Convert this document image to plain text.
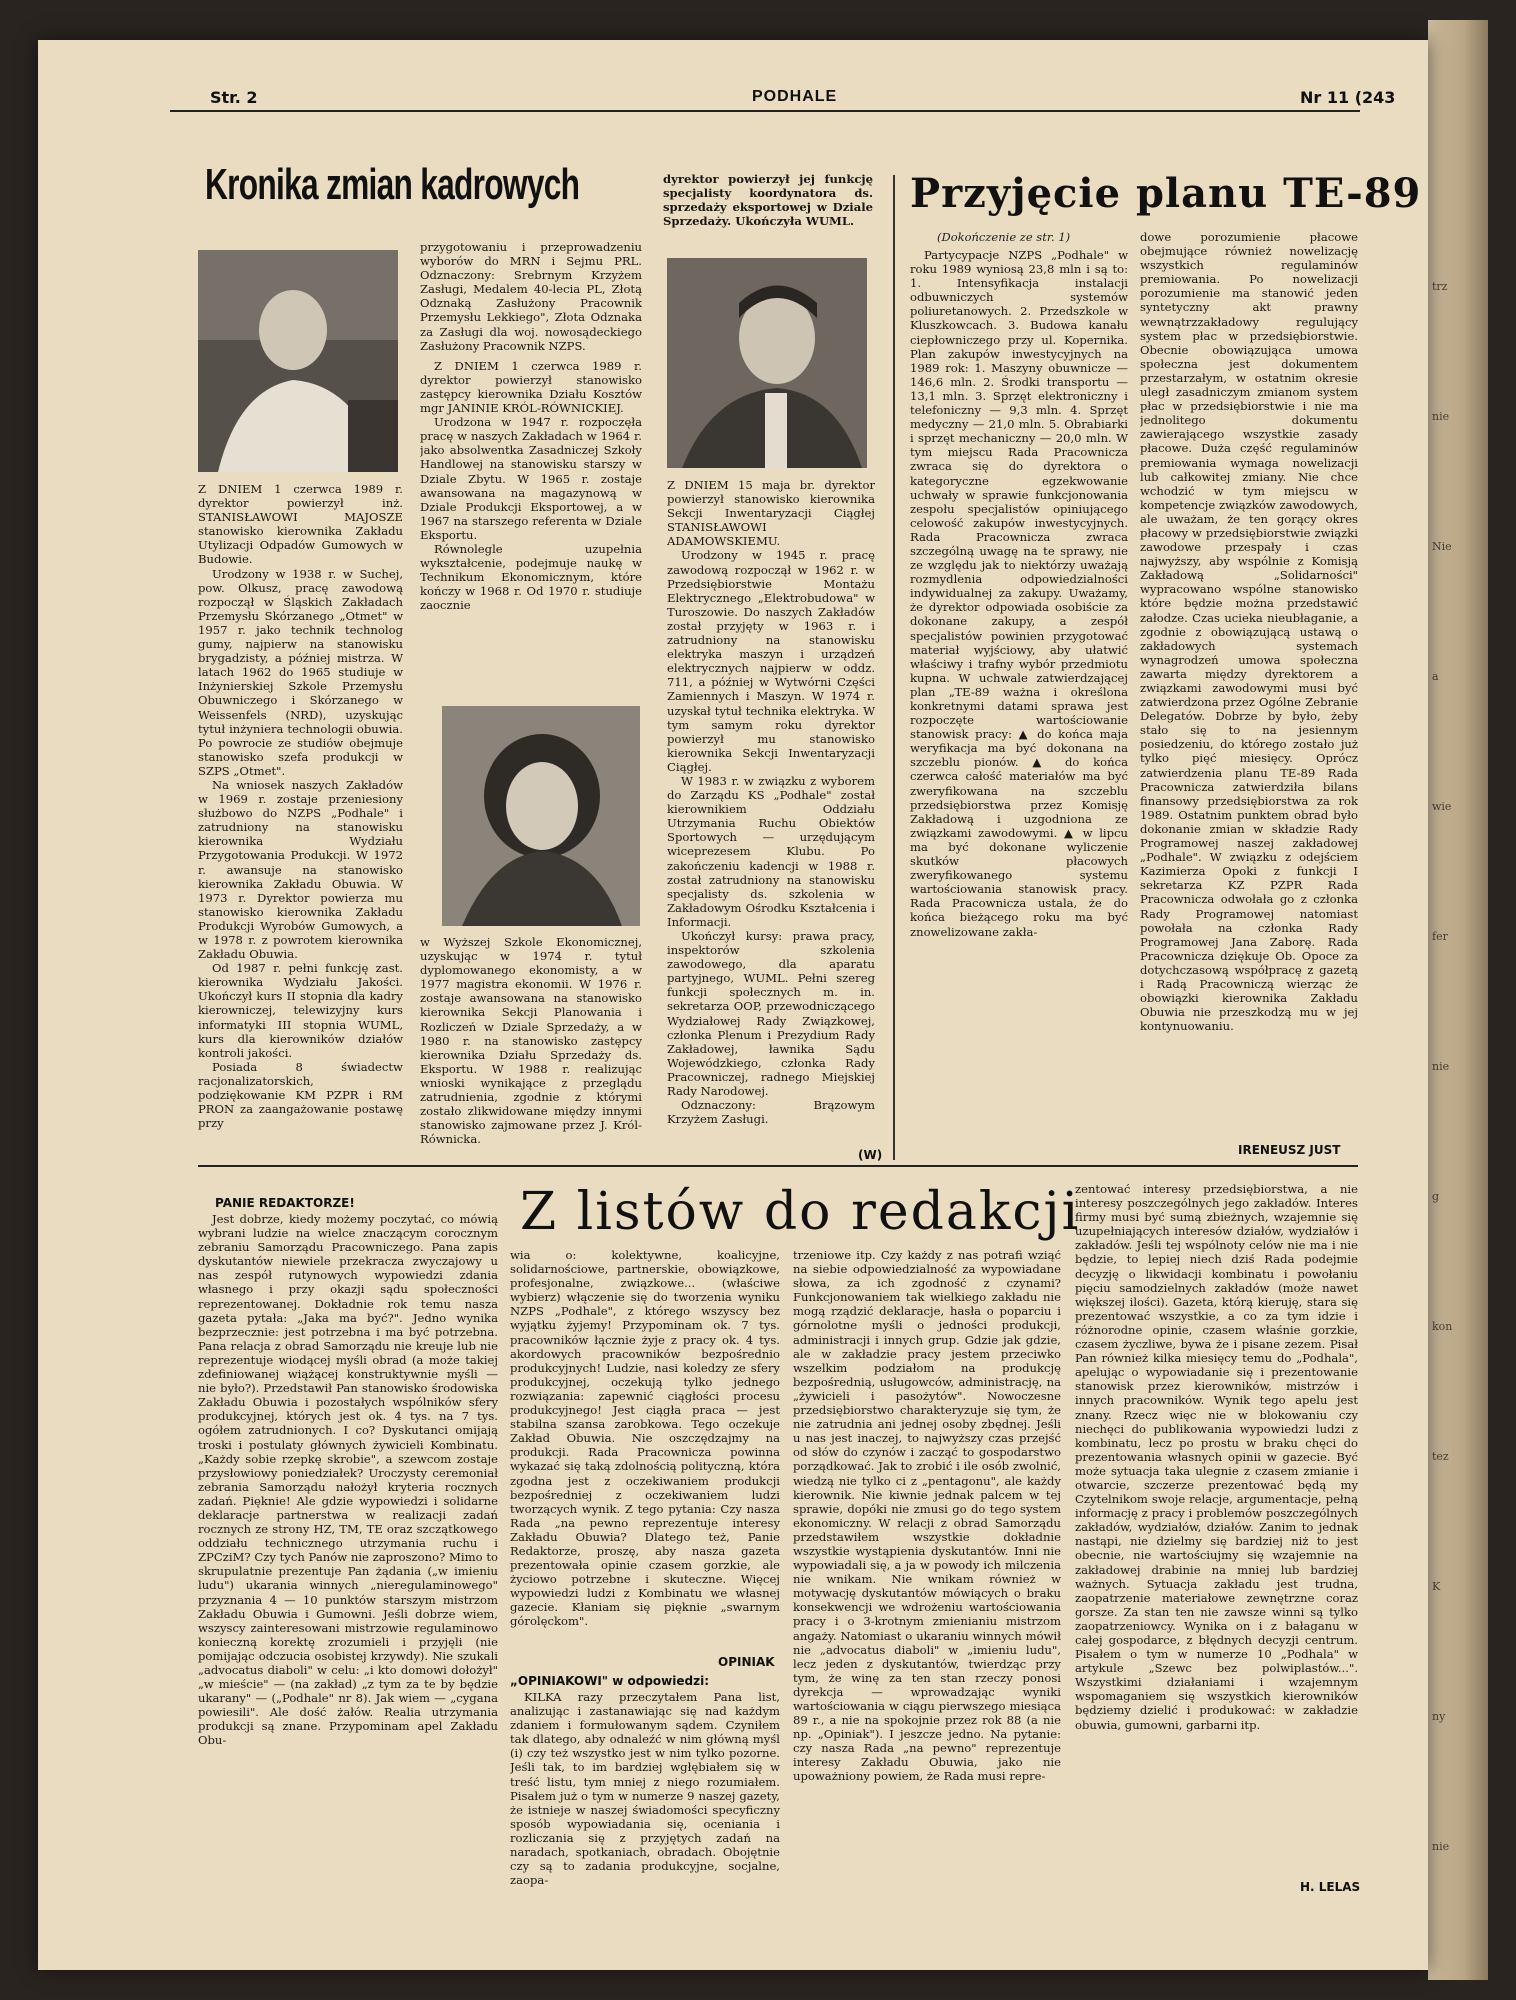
trz
nie
Nie
a
wie
fer
nie
g
kon
tez
K
ny
nie
Str. 2	PODHALE	Nr 11 (243
Kronika zmian kadrowych

Z DNIEM 1 czerwca 1989 r. dyrektor powierzył inż. STANISŁAWOWI MAJOSZE stanowisko kierownika Zakładu Utylizacji Odpadów Gumowych w Budowie.

Urodzony w 1938 r. w Suchej, pow. Olkusz, pracę zawodową rozpoczął w Śląskich Zakładach Przemysłu Skórzanego „Otmet" w 1957 r. jako technik technolog gumy, najpierw na stanowisku brygadzisty, a później mistrza. W latach 1962 do 1965 studiuje w Inżynierskiej Szkole Przemysłu Obuwniczego i Skórzanego w Weissenfels (NRD), uzyskując tytuł inżyniera technologii obuwia. Po powrocie ze studiów obejmuje stanowisko szefa produkcji w SZPS „Otmet".

Na wniosek naszych Zakładów w 1969 r. zostaje przeniesiony służbowo do NZPS „Podhale" i zatrudniony na stanowisku kierownika Wydziału Przygotowania Produkcji. W 1972 r. awansuje na stanowisko kierownika Zakładu Obuwia. W 1973 r. Dyrektor powierza mu stanowisko kierownika Zakładu Produkcji Wyrobów Gumowych, a w 1978 r. z powrotem kierownika Zakładu Obuwia.

Od 1987 r. pełni funkcję zast. kierownika Wydziału Jakości. Ukończył kurs II stopnia dla kadry kierowniczej, telewizyjny kurs informatyki III stopnia WUML, kurs dla kierowników działów kontroli jakości.

Posiada 8 świadectw racjonalizatorskich, podziękowanie KM PZPR i RM PRON za zaangażowanie postawę przy

przygotowaniu i przeprowadzeniu wyborów do MRN i Sejmu PRL. Odznaczony: Srebrnym Krzyżem Zasługi, Medalem 40-lecia PL, Złotą Odznaką Zasłużony Pracownik Przemysłu Lekkiego", Złota Odznaka za Zasługi dla woj. nowosądeckiego Zasłużony Pracownik NZPS.

Z DNIEM 1 czerwca 1989 r. dyrektor powierzył stanowisko zastępcy kierownika Działu Kosztów mgr JANINIE KRÓL-RÓWNICKIEJ.

Urodzona w 1947 r. rozpoczęła pracę w naszych Zakładach w 1964 r. jako absolwentka Zasadniczej Szkoły Handlowej na stanowisku starszy w Dziale Zbytu. W 1965 r. zostaje awansowana na magazynową w Dziale Produkcji Eksportowej, a w 1967 na starszego referenta w Dziale Eksportu.

Równolegle uzupełnia wykształcenie, podejmuje naukę w Technikum Ekonomicznym, które kończy w 1968 r. Od 1970 r. studiuje zaocznie

w Wyższej Szkole Ekonomicznej, uzyskując w 1974 r. tytuł dyplomowanego ekonomisty, a w 1977 magistra ekonomii. W 1976 r. zostaje awansowana na stanowisko kierownika Sekcji Planowania i Rozliczeń w Dziale Sprzedaży, a w 1980 r. na stanowisko zastępcy kierownika Działu Sprzedaży ds. Eksportu. W 1988 r. realizując wnioski wynikające z przeglądu zatrudnienia, zgodnie z którymi zostało zlikwidowane między innymi stanowisko zajmowane przez J. Król-Równicka.

dyrektor powierzył jej funkcję specjalisty koordynatora ds. sprzedaży eksportowej w Dziale Sprzedaży. Ukończyła WUML.

Z DNIEM 15 maja br. dyrektor powierzył stanowisko kierownika Sekcji Inwentaryzacji Ciągłej STANISŁAWOWI ADAMOWSKIEMU.

Urodzony w 1945 r. pracę zawodową rozpoczął w 1962 r. w Przedsiębiorstwie Montażu Elektrycznego „Elektrobudowa" w Turoszowie. Do naszych Zakładów został przyjęty w 1963 r. i zatrudniony na stanowisku elektryka maszyn i urządzeń elektrycznych najpierw w oddz. 711, a później w Wytwórni Części Zamiennych i Maszyn. W 1974 r. uzyskał tytuł technika elektryka. W tym samym roku dyrektor powierzył mu stanowisko kierownika Sekcji Inwentaryzacji Ciągłej.

W 1983 r. w związku z wyborem do Zarządu KS „Podhale" został kierownikiem Oddziału Utrzymania Ruchu Obiektów Sportowych — urzędującym wiceprezesem Klubu. Po zakończeniu kadencji w 1988 r. został zatrudniony na stanowisku specjalisty ds. szkolenia w Zakładowym Ośrodku Kształcenia i Informacji.

Ukończył kursy: prawa pracy, inspektorów szkolenia zawodowego, dla aparatu partyjnego, WUML. Pełni szereg funkcji społecznych m. in. sekretarza OOP, przewodniczącego Wydziałowej Rady Związkowej, członka Plenum i Prezydium Rady Zakładowej, ławnika Sądu Wojewódzkiego, członka Rady Pracowniczej, radnego Miejskiej Rady Narodowej.

Odznaczony: Brązowym Krzyżem Zasługi.

(W)
Przyjęcie planu TE-89
(Dokończenie ze str. 1)

Partycypacje NZPS „Podhale" w roku 1989 wyniosą 23,8 mln i są to: 1. Intensyfikacja instalacji odbuwniczych systemów poliuretanowych. 2. Przedszkole w Kluszkowcach. 3. Budowa kanału ciepłowniczego przy ul. Kopernika. Plan zakupów inwestycyjnych na 1989 rok: 1. Maszyny obuwnicze — 146,6 mln. 2. Środki transportu — 13,1 mln. 3. Sprzęt elektroniczny i telefoniczny — 9,3 mln. 4. Sprzęt medyczny — 21,0 mln. 5. Obrabiarki i sprzęt mechaniczny — 20,0 mln. W tym miejscu Rada Pracownicza zwraca się do dyrektora o kategoryczne egzekwowanie uchwały w sprawie funkcjonowania zespołu specjalistów opiniującego celowość zakupów inwestycyjnych. Rada Pracownicza zwraca szczególną uwagę na te sprawy, nie ze względu jak to niektórzy uważają rozmydlenia odpowiedzialności indywidualnej za zakupy. Uważamy, że dyrektor odpowiada osobiście za dokonane zakupy, a zespół specjalistów powinien przygotować materiał wyjściowy, aby ułatwić właściwy i trafny wybór przedmiotu kupna. W uchwale zatwierdzającej plan „TE-89 ważna i określona konkretnymi datami sprawa jest rozpoczęte wartościowanie stanowisk pracy: ▲ do końca maja weryfikacja ma być dokonana na szczeblu pionów. ▲ do końca czerwca całość materiałów ma być zweryfikowana na szczeblu przedsiębiorstwa przez Komisję Zakładową i uzgodniona ze związkami zawodowymi. ▲ w lipcu ma być dokonane wyliczenie skutków płacowych zweryfikowanego systemu wartościowania stanowisk pracy. Rada Pracownicza ustala, że do końca bieżącego roku ma być znowelizowane zakła-

dowe porozumienie płacowe obejmujące również nowelizację wszystkich regulaminów premiowania. Po nowelizacji porozumienie ma stanowić jeden syntetyczny akt prawny wewnątrzzakładowy regulujący system płac w przedsiębiorstwie. Obecnie obowiązująca umowa społeczna jest dokumentem przestarzałym, w ostatnim okresie uległ zasadniczym zmianom system płac w przedsiębiorstwie i nie ma jednolitego dokumentu zawierającego wszystkie zasady płacowe. Duża część regulaminów premiowania wymaga nowelizacji lub całkowitej zmiany. Nie chce wchodzić w tym miejscu w kompetencje związków zawodowych, ale uważam, że ten gorący okres płacowy w przedsiębiorstwie związki zawodowe przespały i czas najwyższy, aby wspólnie z Komisją Zakładową „Solidarności" wypracowano wspólne stanowisko które będzie można przedstawić załodze. Czas ucieka nieubłaganie, a zgodnie z obowiązującą ustawą o zakładowych systemach wynagrodzeń umowa społeczna zawarta między dyrektorem a związkami zawodowymi musi być zatwierdzona przez Ogólne Zebranie Delegatów. Dobrze by było, żeby stało się to na jesiennym posiedzeniu, do którego zostało już tylko pięć miesięcy. Oprócz zatwierdzenia planu TE-89 Rada Pracownicza zatwierdziła bilans finansowy przedsiębiorstwa za rok 1989. Ostatnim punktem obrad było dokonanie zmian w składzie Rady Programowej naszej zakładowej „Podhale". W związku z odejściem Kazimierza Opoki z funkcji I sekretarza KZ PZPR Rada Pracownicza odwołała go z członka Rady Programowej natomiast powołała na członka Rady Programowej Jana Zaborę. Rada Pracownicza dziękuje Ob. Opoce za dotychczasową współpracę z gazetą i Radą Pracowniczą wierząc że obowiązki kierownika Zakładu Obuwia nie przeszkodzą mu w jej kontynuowaniu.

IRENEUSZ JUST
Z listów do redakcji
PANIE REDAKTORZE!

Jest dobrze, kiedy możemy poczytać, co mówią wybrani ludzie na wielce znaczącym corocznym zebraniu Samorządu Pracowniczego. Pana zapis dyskutantów niewiele przekracza zwyczajowy u nas zespół rutynowych wypowiedzi zdania własnego i przy okazji sądu społeczności reprezentowanej. Dokładnie rok temu nasza gazeta pytała: „Jaka ma być?". Jedno wynika bezprzecznie: jest potrzebna i ma być potrzebna. Pana relacja z obrad Samorządu nie kreuje lub nie reprezentuje wiodącej myśli obrad (a może takiej zdefiniowanej wiążącej konstruktywnie myśli — nie było?). Przedstawił Pan stanowisko środowiska Zakładu Obuwia i pozostałych wspólników sfery produkcyjnej, których jest ok. 4 tys. na 7 tys. ogółem zatrudnionych. I co? Dyskutanci omijają troski i postulaty głównych żywicieli Kombinatu. „Każdy sobie rzepkę skrobie", a szewcom zostaje przysłowiowy poniedziałek? Uroczysty ceremoniał zebrania Samorządu nałożył kryteria rocznych zadań. Pięknie! Ale gdzie wypowiedzi i solidarne deklaracje partnerstwa w realizacji zadań rocznych ze strony HZ, TM, TE oraz szczątkowego oddziału technicznego utrzymania ruchu i ZPCziM? Czy tych Panów nie zaproszono? Mimo to skrupulatnie prezentuje Pan żądania („w imieniu ludu") ukarania winnych „nieregulaminowego" przyznania 4 — 10 punktów starszym mistrzom Zakładu Obuwia i Gumowni. Jeśli dobrze wiem, wszyscy zainteresowani mistrzowie regulaminowo konieczną korektę zrozumieli i przyjęli (nie pomijając odczucia osobistej krzywdy). Nie szukali „advocatus diaboli" w celu: „i kto domowi dołożył" „w mieście" — (na zakład) „z tym za te by będzie ukarany" — („Podhale" nr 8). Jak wiem — „cygana powiesili". Ale dość żałów. Realia utrzymania produkcji są znane. Przypominam apel Zakładu Obu-

wia o: kolektywne, koalicyjne, solidarnościowe, partnerskie, obowiązkowe, profesjonalne, związkowe... (właściwe wybierz) włączenie się do tworzenia wyniku NZPS „Podhale", z którego wszyscy bez wyjątku żyjemy! Przypominam ok. 7 tys. pracowników łącznie żyje z pracy ok. 4 tys. akordowych pracowników bezpośrednio produkcyjnych! Ludzie, nasi koledzy ze sfery produkcyjnej, oczekują tylko jednego rozwiązania: zapewnić ciągłości procesu produkcyjnego! Jest ciągła praca — jest stabilna szansa zarobkowa. Tego oczekuje Zakład Obuwia. Nie oszczędzajmy na produkcji. Rada Pracownicza powinna wykazać się taką zdolnością polityczną, która zgodna jest z oczekiwaniem produkcji bezpośredniej z oczekiwaniem ludzi tworzących wynik. Z tego pytania: Czy nasza Rada „na pewno reprezentuje interesy Zakładu Obuwia? Dlatego też, Panie Redaktorze, proszę, aby nasza gazeta prezentowała opinie czasem gorzkie, ale życiowo potrzebne i skuteczne. Więcej wypowiedzi ludzi z Kombinatu we własnej gazecie. Kłaniam się pięknie „swarnym górolęckom".

OPINIAK
„OPINIAKOWI" w odpowiedzi:

KILKA razy przeczytałem Pana list, analizując i zastanawiając się nad każdym zdaniem i formułowanym sądem. Czyniłem tak dlatego, aby odnaleźć w nim główną myśl (i) czy też wszystko jest w nim tylko pozorne. Jeśli tak, to im bardziej wgłębiałem się w treść listu, tym mniej z niego rozumiałem. Pisałem już o tym w numerze 9 naszej gazety, że istnieje w naszej świadomości specyficzny sposób wypowiadania się, oceniania i rozliczania się z przyjętych zadań na naradach, spotkaniach, obradach. Obojętnie czy są to zadania produkcyjne, socjalne, zaopa-

trzeniowe itp. Czy każdy z nas potrafi wziąć na siebie odpowiedzialność za wypowiadane słowa, za ich zgodność z czynami? Funkcjonowaniem tak wielkiego zakładu nie mogą rządzić deklaracje, hasła o poparciu i górnolotne myśli o jedności produkcji, administracji i innych grup. Gdzie jak gdzie, ale w zakładzie pracy jestem przeciwko wszelkim podziałom na produkcję bezpośrednią, usługowców, administrację, na „żywicieli i pasożytów". Nowoczesne przedsiębiorstwo charakteryzuje się tym, że nie zatrudnia ani jednej osoby zbędnej. Jeśli u nas jest inaczej, to najwyższy czas przejść od słów do czynów i zacząć to gospodarstwo porządkować. Jak to zrobić i ile osób zwolnić, wiedzą nie tylko ci z „pentagonu", ale każdy kierownik. Nie kiwnie jednak palcem w tej sprawie, dopóki nie zmusi go do tego system ekonomiczny. W relacji z obrad Samorządu przedstawiłem wszystkie dokładnie wszystkie wystąpienia dyskutantów. Inni nie wypowiadali się, a ja w powody ich milczenia nie wnikam. Nie wnikam również w motywację dyskutantów mówiących o braku konsekwencji we wdrożeniu wartościowania pracy i o 3-krotnym zmienianiu mistrzom angaży. Natomiast o ukaraniu winnych mówił nie „advocatus diaboli" w „imieniu ludu", lecz jeden z dyskutantów, twierdząc przy tym, że winę za ten stan rzeczy ponosi dyrekcja — wprowadzając wyniki wartościowania w ciągu pierwszego miesiąca 89 r., a nie na spokojnie przez rok 88 (a nie np. „Opiniak"). I jeszcze jedno. Na pytanie: czy nasza Rada „na pewno" reprezentuje interesy Zakładu Obuwia, jako nie upoważniony powiem, że Rada musi repre-

zentować interesy przedsiębiorstwa, a nie interesy poszczególnych jego zakładów. Interes firmy musi być sumą zbieżnych, wzajemnie się uzupełniających interesów działów, wydziałów i zakładów. Jeśli tej wspólnoty celów nie ma i nie będzie, to lepiej niech dziś Rada podejmie decyzję o likwidacji kombinatu i powołaniu pięciu samodzielnych zakładów (może nawet większej ilości). Gazeta, którą kieruję, stara się prezentować wszystkie, a co za tym idzie i różnorodne opinie, czasem właśnie gorzkie, czasem życzliwe, bywa że i pisane zezem. Pisał Pan również kilka miesięcy temu do „Podhala", apelując o wypowiadanie się i prezentowanie stanowisk przez kierowników, mistrzów i innych pracowników. Wynik tego apelu jest znany. Rzecz więc nie w blokowaniu czy niechęci do publikowania wypowiedzi ludzi z kombinatu, lecz po prostu w braku chęci do prezentowania własnych opinii w gazecie. Być może sytuacja taka ulegnie z czasem zmianie i otwarcie, szczerze prezentować będą my Czytelnikom swoje relacje, argumentacje, pełną informację z pracy i problemów poszczególnych zakładów, wydziałów, działów. Zanim to jednak nastąpi, nie dzielmy się bardziej niż to jest obecnie, nie wartościujmy się wzajemnie na zakładowej drabinie na mniej lub bardziej ważnych. Sytuacja zakładu jest trudna, zaopatrzenie materiałowe zewnętrzne coraz gorsze. Za stan ten nie zawsze winni są tylko zaopatrzeniowcy. Wynika on i z bałaganu w całej gospodarce, z błędnych decyzji centrum. Pisałem o tym w numerze 10 „Podhala" w artykule „Szewc bez polwiplastów...". Wszystkimi działaniami i wzajemnym wspomaganiem się wszystkich kierowników będziemy dzielić i produkować: w zakładzie obuwia, gumowni, garbarni itp.

H. LELAS
